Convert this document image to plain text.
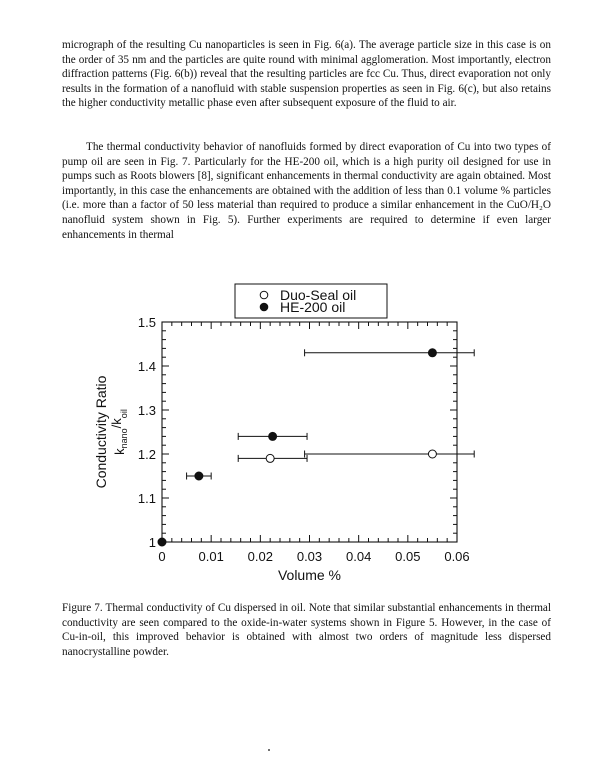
micrograph of the resulting Cu nanoparticles is seen in Fig. 6(a). The average particle size in this case is on the order of 35 nm and the particles are quite round with minimal agglomeration. Most importantly, electron diffraction patterns (Fig. 6(b)) reveal that the resulting particles are fcc Cu. Thus, direct evaporation not only results in the formation of a nanofluid with stable suspension properties as seen in Fig. 6(c), but also retains the higher conductivity metallic phase even after subsequent exposure of the fluid to air.

The thermal conductivity behavior of nanofluids formed by direct evaporation of Cu into two types of pump oil are seen in Fig. 7. Particularly for the HE-200 oil, which is a high purity oil designed for use in pumps such as Roots blowers [8], significant enhancements in thermal conductivity are again obtained. Most importantly, in this case the enhancements are obtained with the addition of less than 0.1 volume % particles (i.e. more than a factor of 50 less material than required to produce a similar enhancement in the CuO/H₂O nanofluid system shown in Fig. 5). Further experiments are required to determine if even larger enhancements in thermal

0	0.01 0.02 0.03 0.04 0.05 0.06
1
1.1
1.2
1.3
1.4
1.5
Volume %
Conductivity Ratio $k_{nano}/k_{oil}$
Duo-Seal oil
HE-200 oil

Figure 7. Thermal conductivity of Cu dispersed in oil. Note that similar substantial enhancements in thermal conductivity are seen compared to the oxide-in-water systems shown in Figure 5. However, in the case of Cu-in-oil, this improved behavior is obtained with almost two orders of magnitude less dispersed nanocrystalline powder.
